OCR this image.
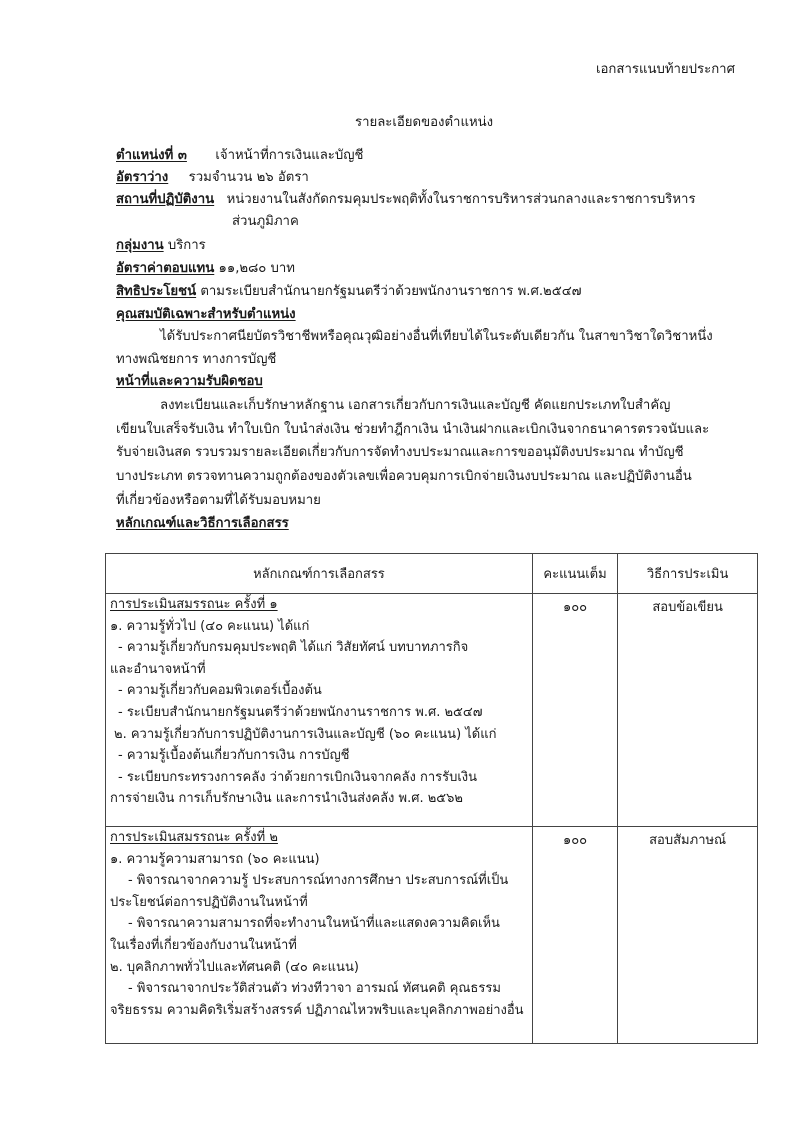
เอกสารแนบท้ายประกาศ
รายละเอียดของตำแหน่ง
ตำแหน่งที่ ๓ เจ้าหน้าที่การเงินและบัญชี
อัตราว่าง รวมจำนวน ๒๖ อัตรา
สถานที่ปฏิบัติงาน หน่วยงานในสังกัดกรมคุมประพฤติทั้งในราชการบริหารส่วนกลางและราชการบริหาร
ส่วนภูมิภาค
กลุ่มงาน บริการ
อัตราค่าตอบแทน ๑๑,๒๘๐ บาท
สิทธิประโยชน์ ตามระเบียบสำนักนายกรัฐมนตรีว่าด้วยพนักงานราชการ พ.ศ.๒๕๔๗
คุณสมบัติเฉพาะสำหรับตำแหน่ง
ได้รับประกาศนียบัตรวิชาชีพหรือคุณวุฒิอย่างอื่นที่เทียบได้ในระดับเดียวกัน ในสาขาวิชาใดวิชาหนึ่ง
ทางพณิชยการ ทางการบัญชี
หน้าที่และความรับผิดชอบ
ลงทะเบียนและเก็บรักษาหลักฐาน เอกสารเกี่ยวกับการเงินและบัญชี คัดแยกประเภทใบสำคัญ
เขียนใบเสร็จรับเงิน ทำใบเบิก ใบนำส่งเงิน ช่วยทำฎีกาเงิน นำเงินฝากและเบิกเงินจากธนาคารตรวจนับและ
รับจ่ายเงินสด รวบรวมรายละเอียดเกี่ยวกับการจัดทำงบประมาณและการขออนุมัติงบประมาณ ทำบัญชี
บางประเภท ตรวจทานความถูกต้องของตัวเลขเพื่อควบคุมการเบิกจ่ายเงินงบประมาณ และปฏิบัติงานอื่น
ที่เกี่ยวข้องหรือตามที่ได้รับมอบหมาย
หลักเกณฑ์และวิธีการเลือกสรร
หลักเกณฑ์การเลือกสรร	คะแนนเต็ม	วิธีการประเมิน

การประเมินสมรรถนะ ครั้งที่ ๑
๑. ความรู้ทั่วไป (๔๐ คะแนน) ได้แก่
- ความรู้เกี่ยวกับกรมคุมประพฤติ ได้แก่ วิสัยทัศน์ บทบาทภารกิจ
และอำนาจหน้าที่
- ความรู้เกี่ยวกับคอมพิวเตอร์เบื้องต้น
- ระเบียบสำนักนายกรัฐมนตรีว่าด้วยพนักงานราชการ พ.ศ. ๒๕๔๗
๒. ความรู้เกี่ยวกับการปฏิบัติงานการเงินและบัญชี (๖๐ คะแนน) ได้แก่
- ความรู้เบื้องต้นเกี่ยวกับการเงิน การบัญชี
- ระเบียบกระทรวงการคลัง ว่าด้วยการเบิกเงินจากคลัง การรับเงิน
การจ่ายเงิน การเก็บรักษาเงิน และการนำเงินส่งคลัง พ.ศ. ๒๕๖๒
	๑๐๐	สอบข้อเขียน

การประเมินสมรรถนะ ครั้งที่ ๒
๑. ความรู้ความสามารถ (๖๐ คะแนน)
- พิจารณาจากความรู้ ประสบการณ์ทางการศึกษา ประสบการณ์ที่เป็น
ประโยชน์ต่อการปฏิบัติงานในหน้าที่
- พิจารณาความสามารถที่จะทำงานในหน้าที่และแสดงความคิดเห็น
ในเรื่องที่เกี่ยวข้องกับงานในหน้าที่
๒. บุคลิกภาพทั่วไปและทัศนคติ (๔๐ คะแนน)
- พิจารณาจากประวัติส่วนตัว ท่วงทีวาจา อารมณ์ ทัศนคติ คุณธรรม
จริยธรรม ความคิดริเริ่มสร้างสรรค์ ปฏิภาณไหวพริบและบุคลิกภาพอย่างอื่น
	๑๐๐	สอบสัมภาษณ์
